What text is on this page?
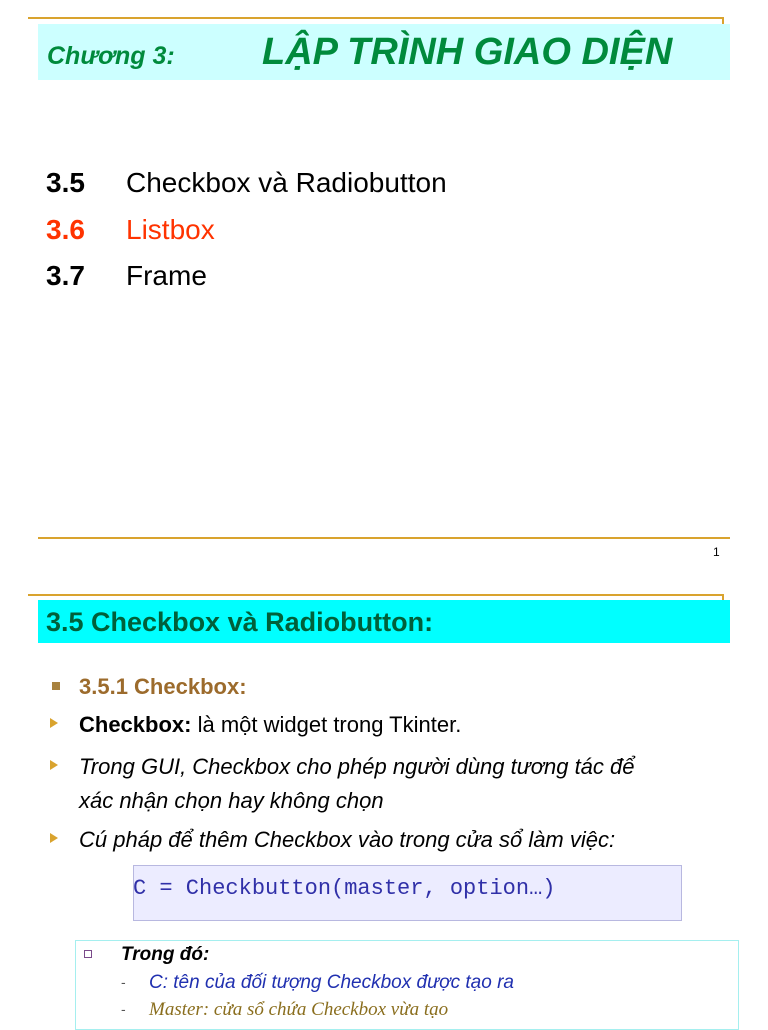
Chương 3: LẬP TRÌNH GIAO DIỆN
3.5 Checkbox và Radiobutton
3.6 Listbox
3.7 Frame
1
3.5 Checkbox và Radiobutton:
3.5.1 Checkbox:
Checkbox: là một widget trong Tkinter.
Trong GUI, Checkbox cho phép người dùng tương tác để
xác nhận chọn hay không chọn
Cú pháp để thêm Checkbox vào trong cửa sổ làm việc:
C = Checkbutton(master, option…)
Trong đó:
- C: tên của đối tượng Checkbox được tạo ra
- Master: cửa sổ chứa Checkbox vừa tạo
